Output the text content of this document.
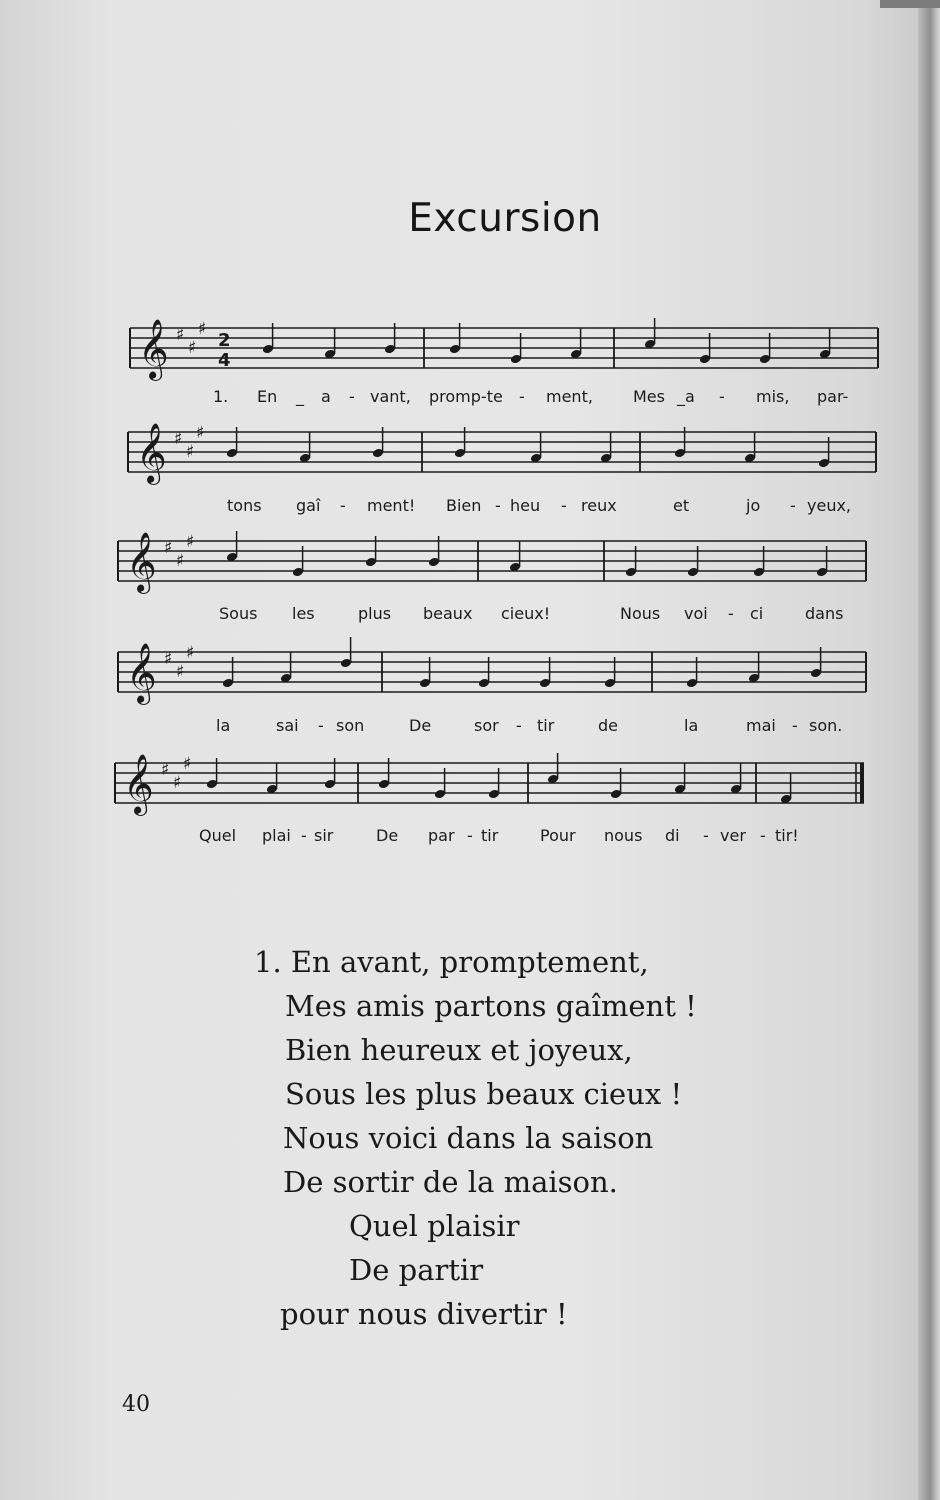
Excursion
𝄞 ♯
♯
♯
2
4
𝄞 ♯
♯
♯
𝄞 ♯
♯
♯
𝄞 ♯
♯
♯
𝄞 ♯
♯
♯
1. En _ a - vant, promp-te - ment,	Mes _a - mis, par-
tons gaî - ment! Bien - heu - reux	et	jo - yeux,
Sous les	plus beaux cieux!	Nous voi - ci	dans
la	sai - son	De	sor - tir	de	la	mai - son.
Quel plai - sir	De par - tir	Pour nous di - ver - tir!
1. En avant, promptement,
Mes amis partons gaîment !
Bien heureux et joyeux,
Sous les plus beaux cieux !
Nous voici dans la saison
De sortir de la maison.
Quel plaisir
De partir
pour nous divertir !
40
